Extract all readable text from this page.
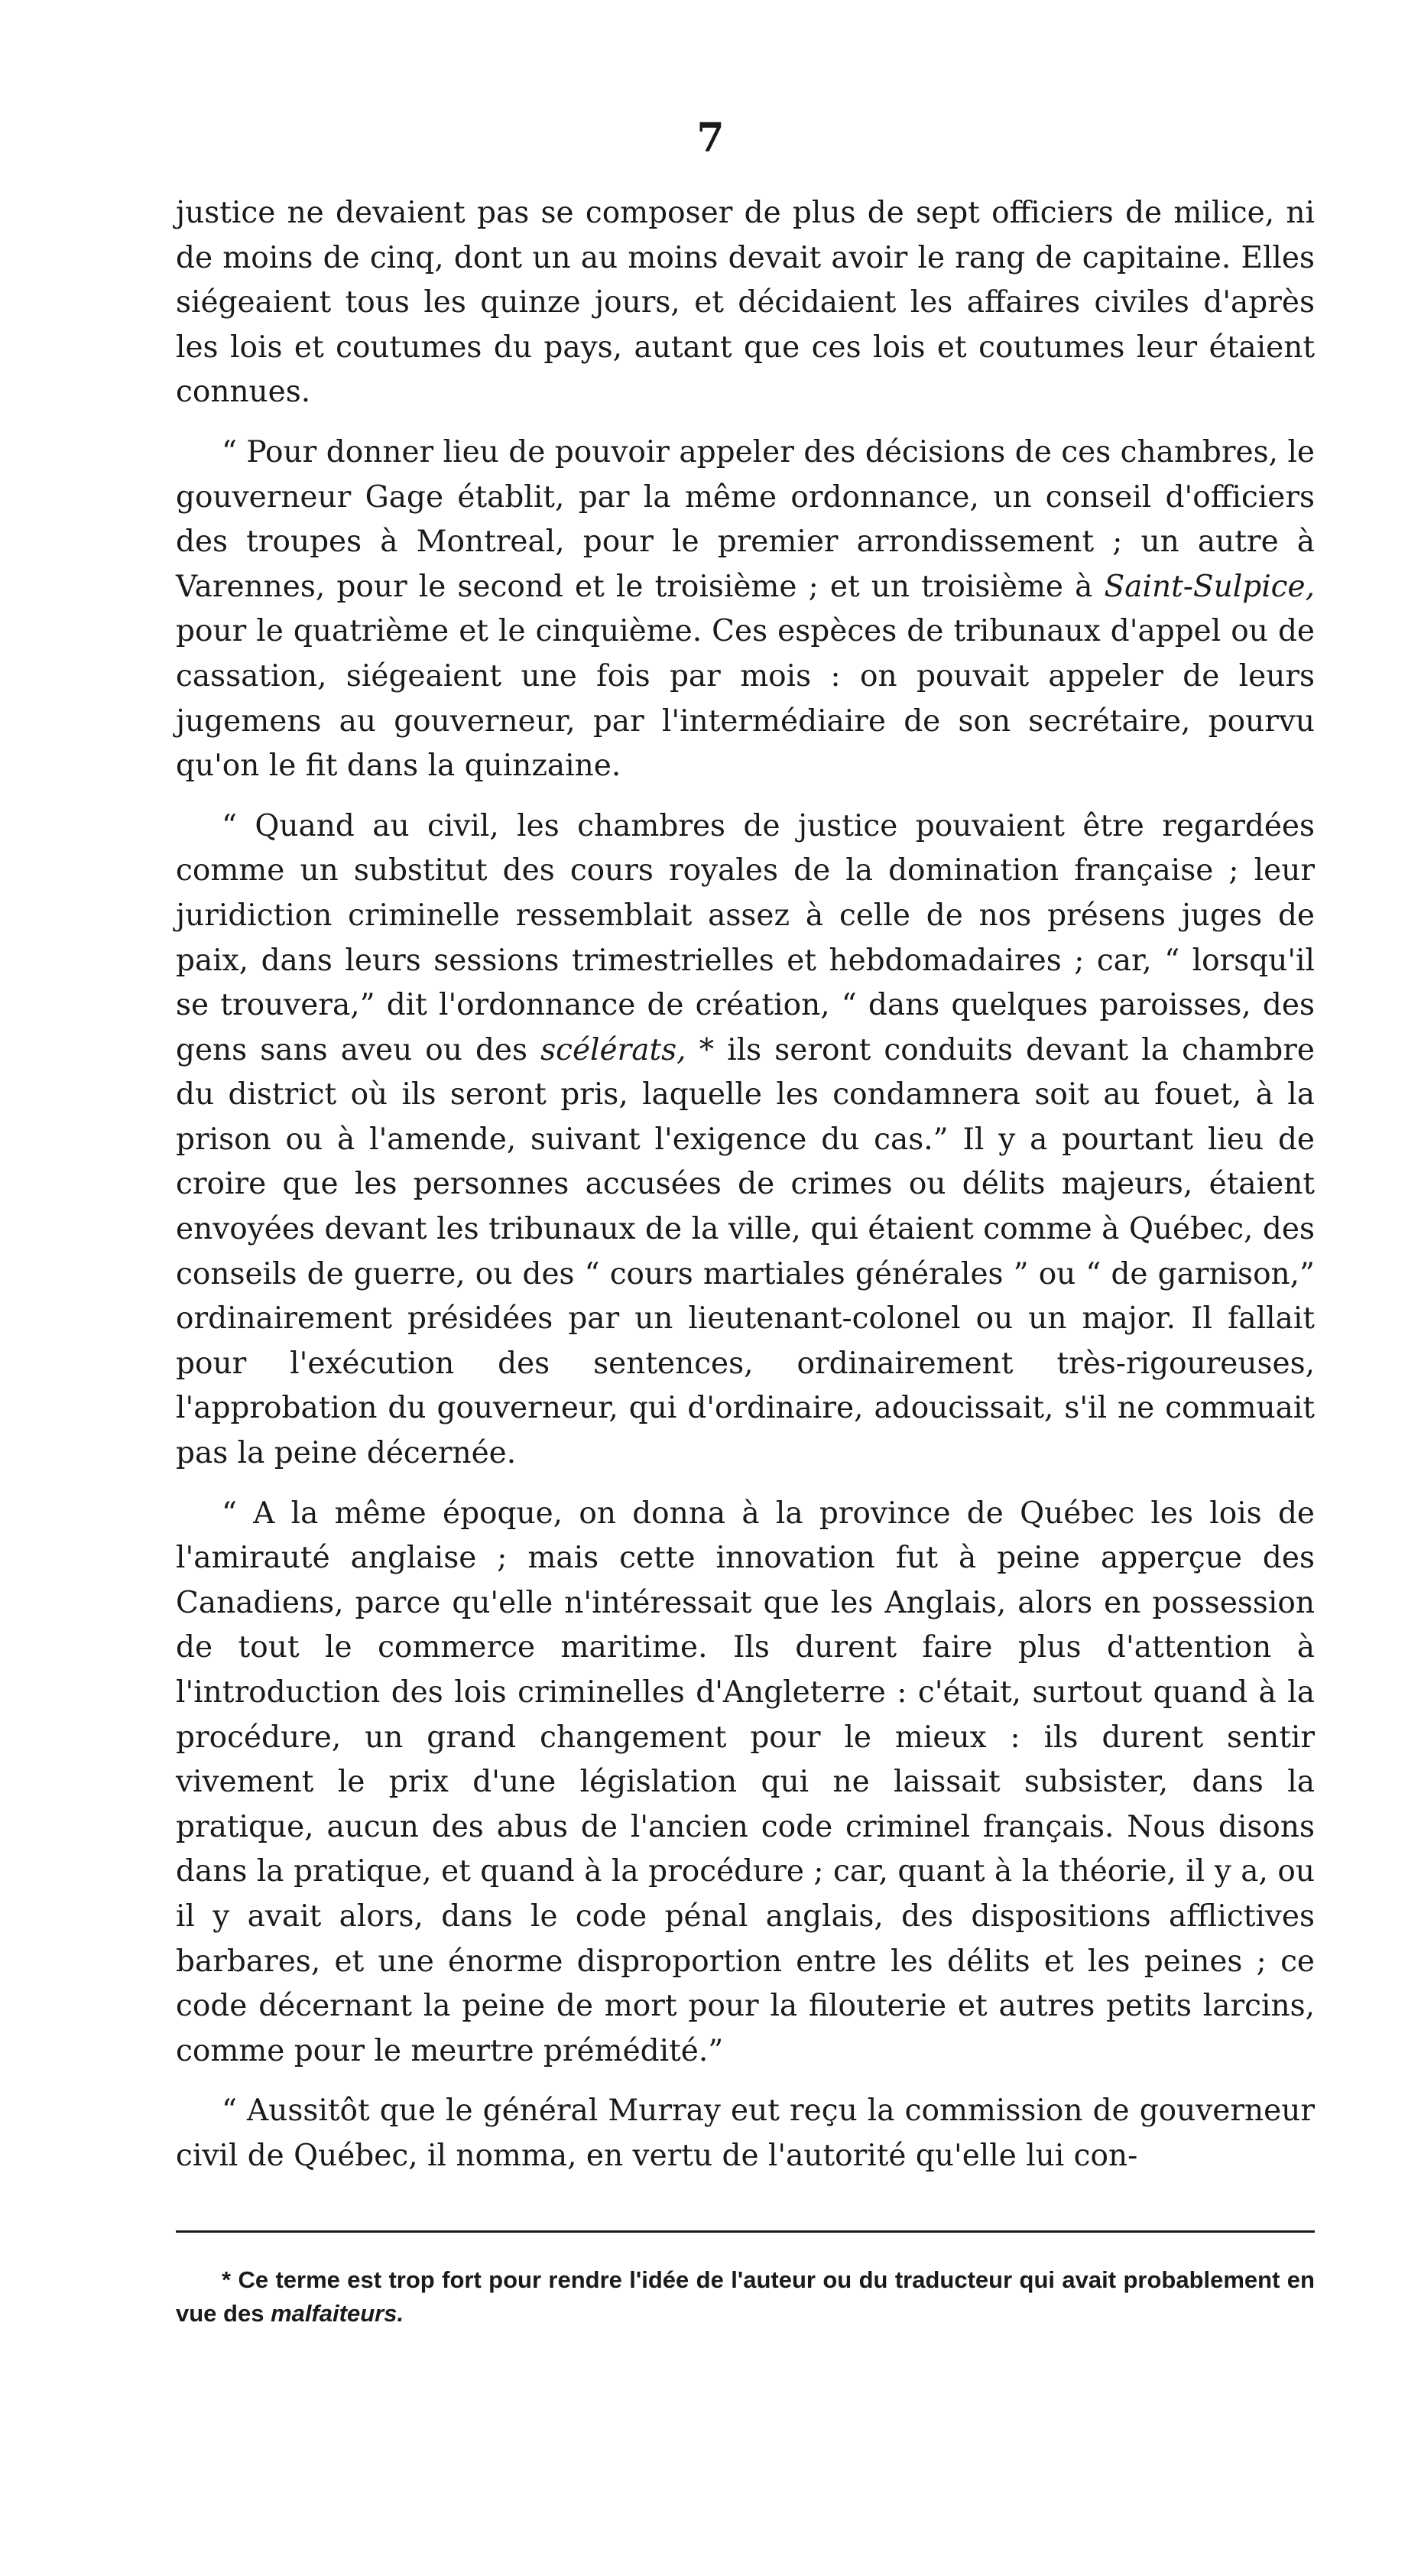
7

justice ne devaient pas se composer de plus de sept officiers de milice, ni de moins de cinq, dont un au moins devait avoir le rang de capitaine. Elles siégeaient tous les quinze jours, et décidaient les affaires civiles d'après les lois et coutumes du pays, autant que ces lois et coutumes leur étaient connues.

“ Pour donner lieu de pouvoir appeler des décisions de ces chambres, le gouverneur Gage établit, par la même ordonnance, un conseil d'officiers des troupes à Montreal, pour le premier arrondissement ; un autre à Varennes, pour le second et le troisième ; et un troisième à Saint-Sulpice, pour le quatrième et le cinquième. Ces espèces de tribunaux d'appel ou de cassation, siégeaient une fois par mois : on pouvait appeler de leurs jugemens au gouverneur, par l'intermédiaire de son secrétaire, pourvu qu'on le fit dans la quinzaine.

“ Quand au civil, les chambres de justice pouvaient être regardées comme un substitut des cours royales de la domination française ; leur juridiction criminelle ressemblait assez à celle de nos présens juges de paix, dans leurs sessions trimestrielles et hebdomadaires ; car, “ lorsqu'il se trouvera,” dit l'ordonnance de création, “ dans quelques paroisses, des gens sans aveu ou des scélérats, * ils seront conduits devant la chambre du district où ils seront pris, laquelle les condamnera soit au fouet, à la prison ou à l'amende, suivant l'exigence du cas.” Il y a pourtant lieu de croire que les personnes accusées de crimes ou délits majeurs, étaient envoyées devant les tribunaux de la ville, qui étaient comme à Québec, des conseils de guerre, ou des “ cours martiales générales ” ou “ de garnison,” ordinairement présidées par un lieutenant-colonel ou un major. Il fallait pour l'exécution des sentences, ordinairement très-rigoureuses, l'approbation du gouverneur, qui d'ordinaire, adoucissait, s'il ne commuait pas la peine décernée.

“ A la même époque, on donna à la province de Québec les lois de l'amirauté anglaise ; mais cette innovation fut à peine apperçue des Canadiens, parce qu'elle n'intéressait que les Anglais, alors en possession de tout le commerce maritime. Ils durent faire plus d'attention à l'introduction des lois criminelles d'Angleterre : c'était, surtout quand à la procédure, un grand changement pour le mieux : ils durent sentir vivement le prix d'une législation qui ne laissait subsister, dans la pratique, aucun des abus de l'ancien code criminel français. Nous disons dans la pratique, et quand à la procédure ; car, quant à la théorie, il y a, ou il y avait alors, dans le code pénal anglais, des dispositions afflictives barbares, et une énorme disproportion entre les délits et les peines ; ce code décernant la peine de mort pour la filouterie et autres petits larcins, comme pour le meurtre prémédité.”

“ Aussitôt que le général Murray eut reçu la commission de gouverneur civil de Québec, il nomma, en vertu de l'autorité qu'elle lui con-

* Ce terme est trop fort pour rendre l'idée de l'auteur ou du traducteur qui avait probablement en vue des malfaiteurs.
